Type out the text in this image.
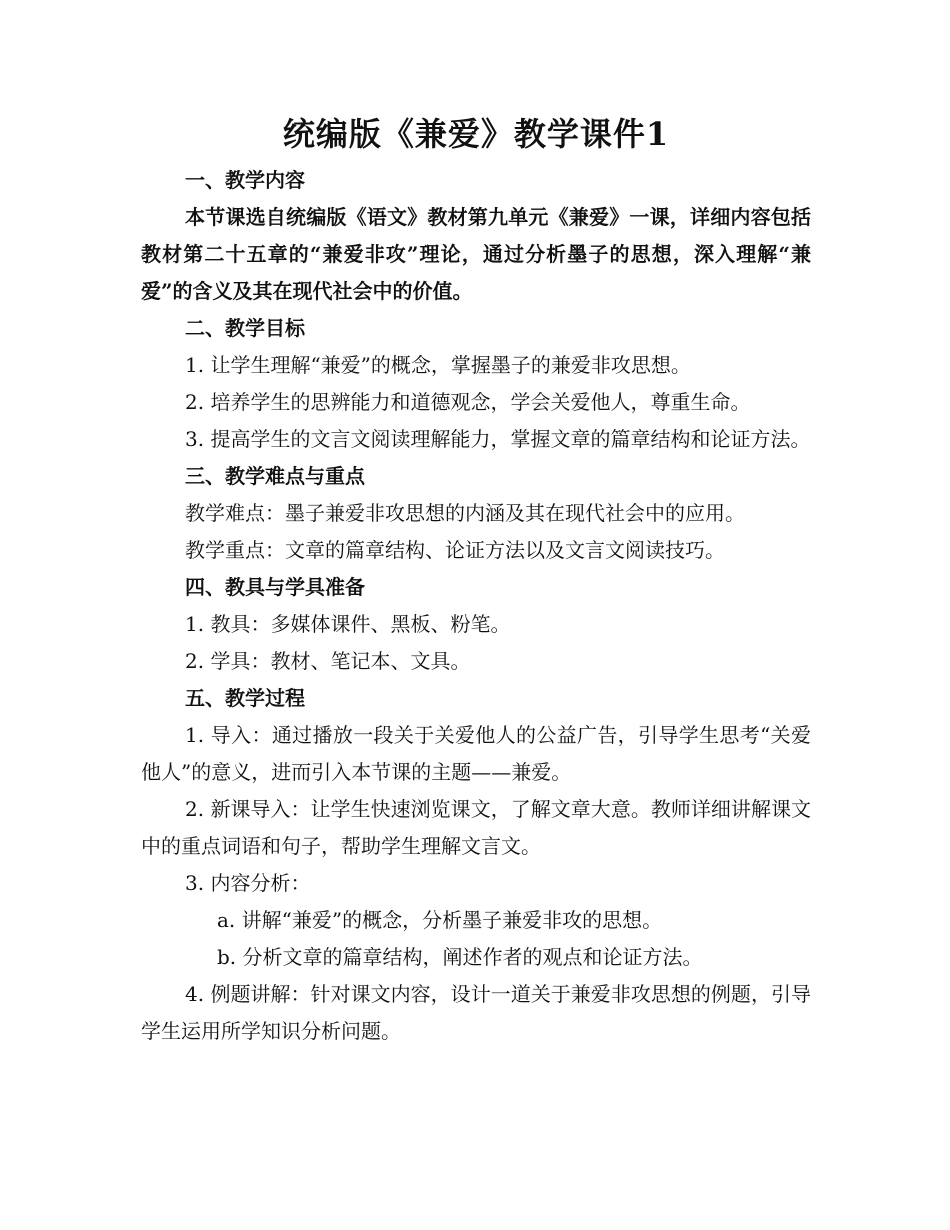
统编版《兼爱》教学课件1

一、教学内容

本节课选自统编版《语文》教材第九单元《兼爱》一课，详细内容包括教材第二十五章的“兼爱非攻”理论，通过分析墨子的思想，深入理解“兼爱”的含义及其在现代社会中的价值。

二、教学目标

1. 让学生理解“兼爱”的概念，掌握墨子的兼爱非攻思想。

2. 培养学生的思辨能力和道德观念，学会关爱他人，尊重生命。

3. 提高学生的文言文阅读理解能力，掌握文章的篇章结构和论证方法。

三、教学难点与重点

教学难点：墨子兼爱非攻思想的内涵及其在现代社会中的应用。

教学重点：文章的篇章结构、论证方法以及文言文阅读技巧。

四、教具与学具准备

1. 教具：多媒体课件、黑板、粉笔。

2. 学具：教材、笔记本、文具。

五、教学过程

1. 导入：通过播放一段关于关爱他人的公益广告，引导学生思考“关爱他人”的意义，进而引入本节课的主题——兼爱。

2. 新课导入：让学生快速浏览课文，了解文章大意。教师详细讲解课文中的重点词语和句子，帮助学生理解文言文。

3. 内容分析：

a. 讲解“兼爱”的概念，分析墨子兼爱非攻的思想。

b. 分析文章的篇章结构，阐述作者的观点和论证方法。

4. 例题讲解：针对课文内容，设计一道关于兼爱非攻思想的例题，引导学生运用所学知识分析问题。
